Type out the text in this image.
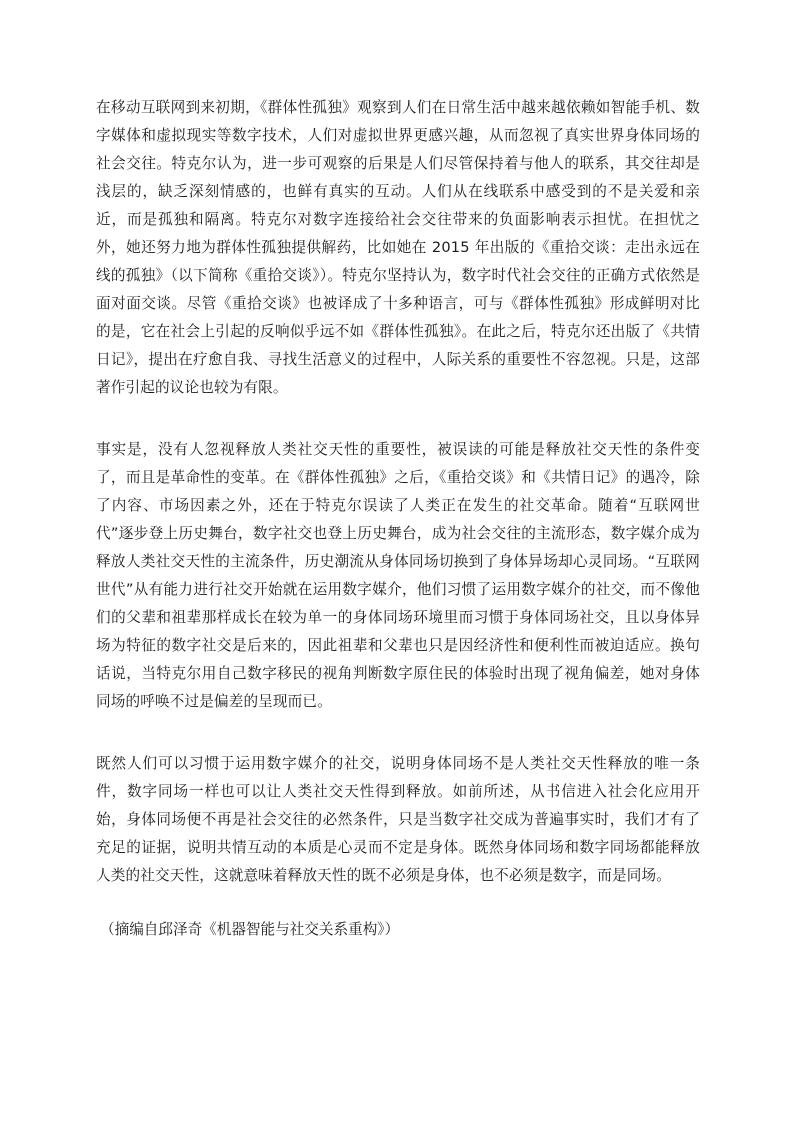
在移动互联网到来初期，《群体性孤独》观察到人们在日常生活中越来越依赖如智能手机、数字媒体和虚拟现实等数字技术，人们对虚拟世界更感兴趣，从而忽视了真实世界身体同场的社会交往。特克尔认为，进一步可观察的后果是人们尽管保持着与他人的联系，其交往却是浅层的，缺乏深刻情感的，也鲜有真实的互动。人们从在线联系中感受到的不是关爱和亲近，而是孤独和隔离。特克尔对数字连接给社会交往带来的负面影响表示担忧。在担忧之外，她还努力地为群体性孤独提供解药，比如她在 2015 年出版的《重拾交谈：走出永远在线的孤独》（以下简称《重拾交谈》）。特克尔坚持认为，数字时代社会交往的正确方式依然是面对面交谈。尽管《重拾交谈》也被译成了十多种语言，可与《群体性孤独》形成鲜明对比的是，它在社会上引起的反响似乎远不如《群体性孤独》。在此之后，特克尔还出版了《共情日记》，提出在疗愈自我、寻找生活意义的过程中，人际关系的重要性不容忽视。只是，这部著作引起的议论也较为有限。

事实是，没有人忽视释放人类社交天性的重要性，被误读的可能是释放社交天性的条件变了，而且是革命性的变革。在《群体性孤独》之后，《重拾交谈》和《共情日记》的遇冷，除了内容、市场因素之外，还在于特克尔误读了人类正在发生的社交革命。随着“互联网世代”逐步登上历史舞台，数字社交也登上历史舞台，成为社会交往的主流形态，数字媒介成为释放人类社交天性的主流条件，历史潮流从身体同场切换到了身体异场却心灵同场。“互联网世代”从有能力进行社交开始就在运用数字媒介，他们习惯了运用数字媒介的社交，而不像他们的父辈和祖辈那样成长在较为单一的身体同场环境里而习惯于身体同场社交，且以身体异场为特征的数字社交是后来的，因此祖辈和父辈也只是因经济性和便利性而被迫适应。换句话说，当特克尔用自己数字移民的视角判断数字原住民的体验时出现了视角偏差，她对身体同场的呼唤不过是偏差的呈现而已。

既然人们可以习惯于运用数字媒介的社交，说明身体同场不是人类社交天性释放的唯一条件，数字同场一样也可以让人类社交天性得到释放。如前所述，从书信进入社会化应用开始，身体同场便不再是社会交往的必然条件，只是当数字社交成为普遍事实时，我们才有了充足的证据，说明共情互动的本质是心灵而不定是身体。既然身体同场和数字同场都能释放人类的社交天性，这就意味着释放天性的既不必须是身体，也不必须是数字，而是同场。

（摘编自邱泽奇《机器智能与社交关系重构》）
